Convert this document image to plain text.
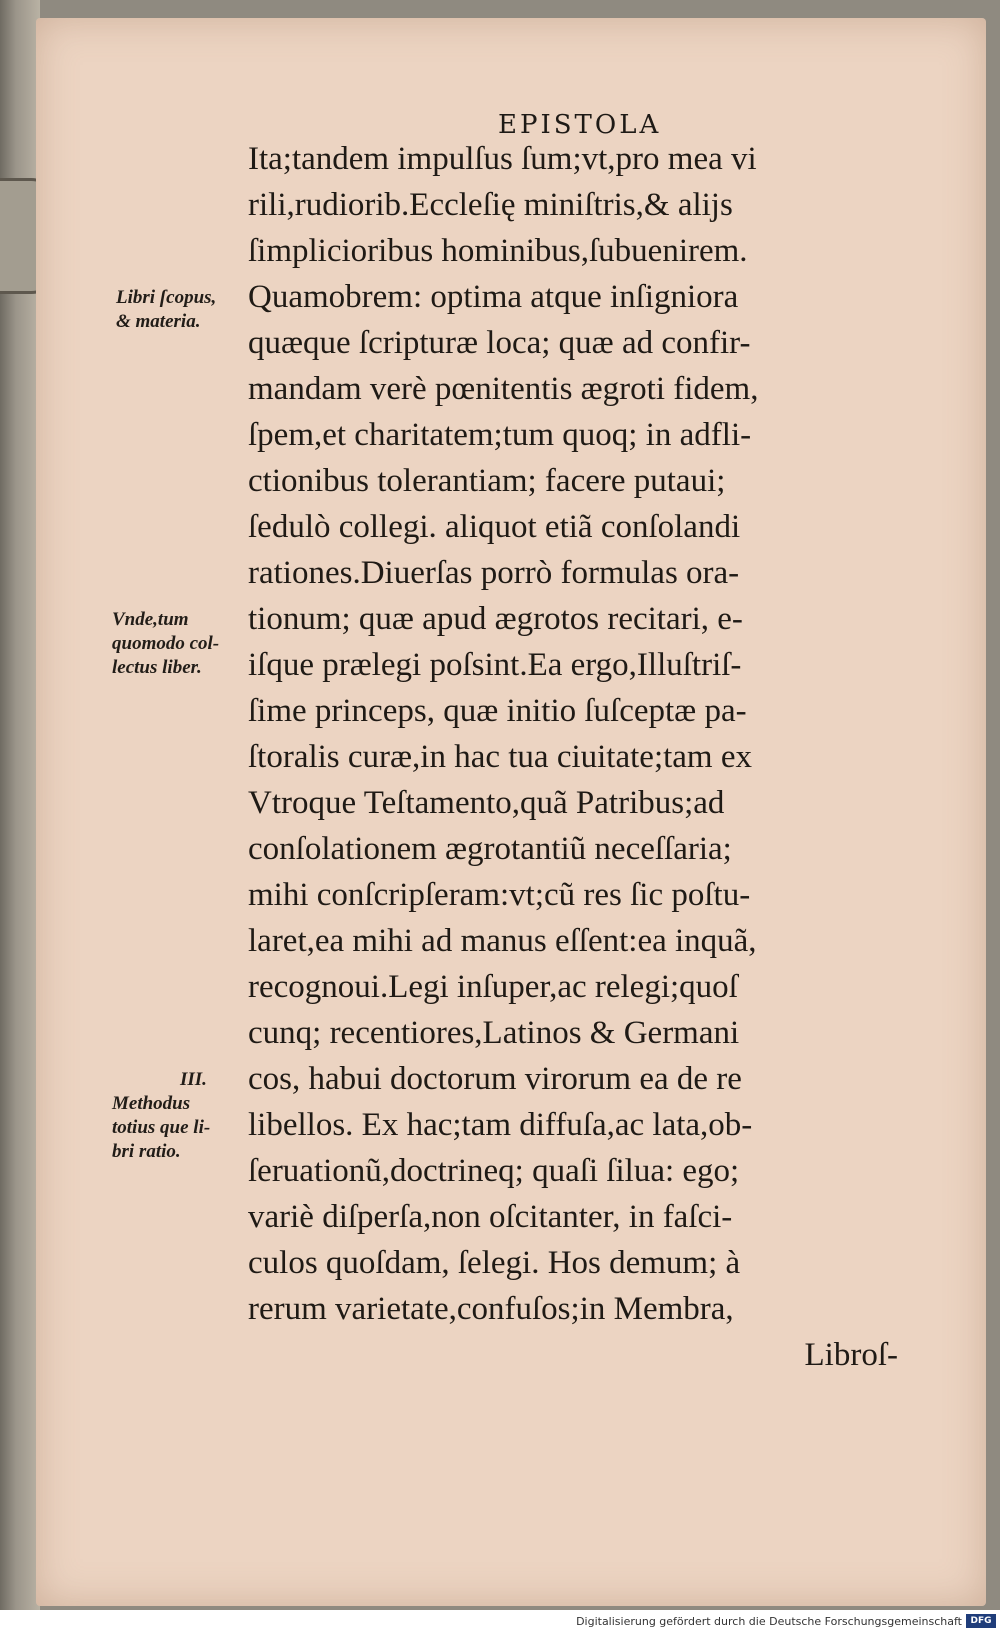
EPISTOLA
Libri ſcopus,
& materia.
Vnde,tum
quomodo col-
lectus liber.
III.
Methodus
totius que li-
bri ratio.
Ita;tandem impulſus ſum;vt,pro mea vi
rili,rudiorib.Eccleſię miniſtris,& alijs
ſimplicioribus hominibus,ſubuenirem.
Quamobrem: optima atque inſigniora
quæque ſcripturæ loca; quæ ad confir-
mandam verè pœnitentis ægroti fidem,
ſpem,et charitatem;tum quoq; in adfli-
ctionibus tolerantiam; facere putaui;
ſedulò collegi. aliquot etiã conſolandi
rationes.Diuerſas porrò formulas ora-
tionum; quæ apud ægrotos recitari, e-
iſque prælegi poſsint.Ea ergo,Illuſtriſ-
ſime princeps, quæ initio ſuſceptæ pa-
ſtoralis curæ,in hac tua ciuitate;tam ex
Vtroque Teſtamento,quã Patribus;ad
conſolationem ægrotantiũ neceſſaria;
mihi conſcripſeram:vt;cũ res ſic poſtu-
laret,ea mihi ad manus eſſent:ea inquã,
recognoui.Legi inſuper,ac relegi;quoſ
cunq; recentiores,Latinos & Germani
cos, habui doctorum virorum ea de re
libellos. Ex hac;tam diffuſa,ac lata,ob-
ſeruationũ,doctrineq; quaſi ſilua: ego;
variè diſperſa,non oſcitanter, in faſci-
culos quoſdam, ſelegi. Hos demum; à
rerum varietate,confuſos;in Membra,
Libroſ-
Digitalisierung gefördert durch die Deutsche Forschungsgemeinschaft DFG
